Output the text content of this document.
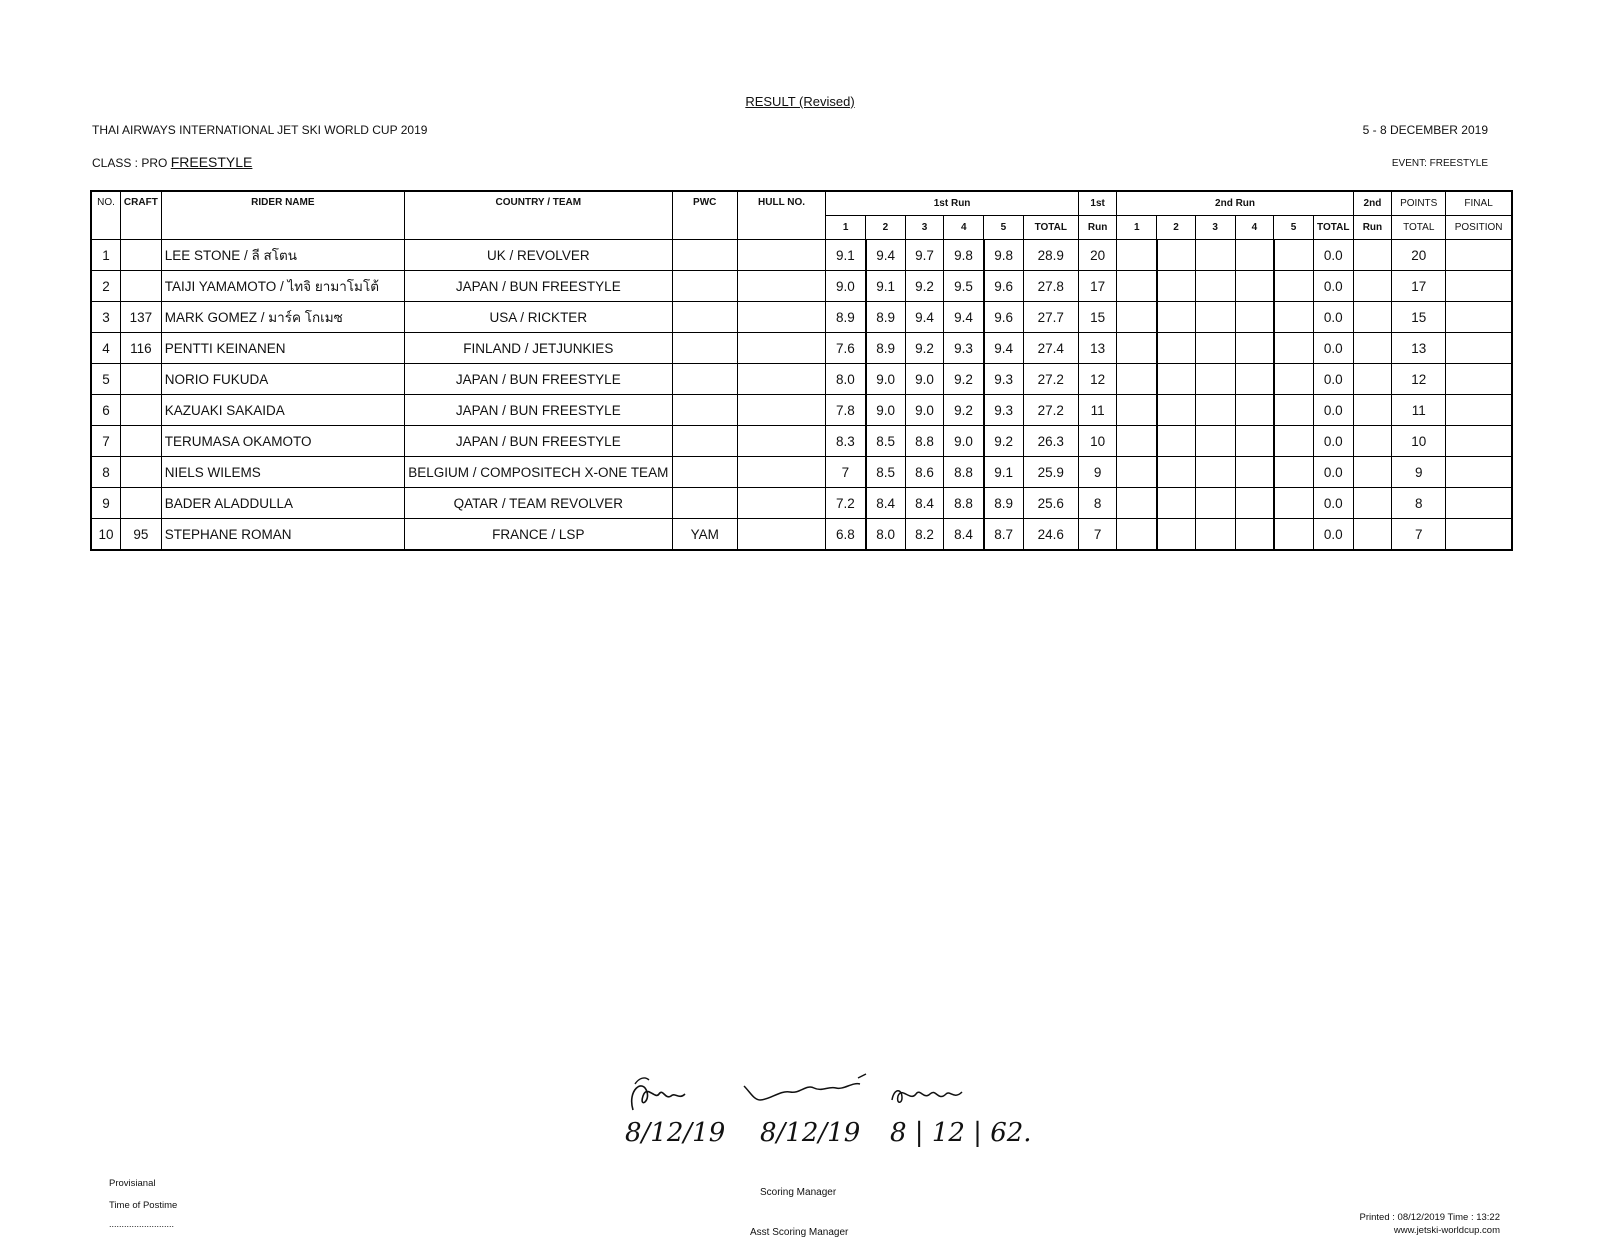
RESULT (Revised)
THAI AIRWAYS INTERNATIONAL JET SKI WORLD CUP 2019	5 - 8 DECEMBER 2019
CLASS : PRO FREESTYLE	EVENT: FREESTYLE
NO.	CRAFT	RIDER NAME	COUNTRY / TEAM	PWC	HULL NO.	1st Run						1st	2nd Run						2nd	POINTS	FINAL
						1	2	3	4	5	TOTAL	Run	1	2	3	4	5	TOTAL	Run	TOTAL	POSITION
1		LEE STONE / ลี สโตน	UK / REVOLVER			9.1	9.4	9.7	9.8	9.8	28.9	20						0.0		20	
2		TAIJI YAMAMOTO / ไทจิ ยามาโมโต้	JAPAN / BUN FREESTYLE			9.0	9.1	9.2	9.5	9.6	27.8	17						0.0		17	
3	137	MARK GOMEZ / มาร์ค โกเมซ	USA / RICKTER			8.9	8.9	9.4	9.4	9.6	27.7	15						0.0		15	
4	116	PENTTI KEINANEN	FINLAND / JETJUNKIES			7.6	8.9	9.2	9.3	9.4	27.4	13						0.0		13	
5		NORIO FUKUDA	JAPAN / BUN FREESTYLE			8.0	9.0	9.0	9.2	9.3	27.2	12						0.0		12	
6		KAZUAKI SAKAIDA	JAPAN / BUN FREESTYLE			7.8	9.0	9.0	9.2	9.3	27.2	11						0.0		11	
7		TERUMASA OKAMOTO	JAPAN / BUN FREESTYLE			8.3	8.5	8.8	9.0	9.2	26.3	10						0.0		10	
8		NIELS WILEMS	BELGIUM / COMPOSITECH X-ONE TEAM			7	8.5	8.6	8.8	9.1	25.9	9						0.0		9	
9		BADER ALADDULLA	QATAR / TEAM REVOLVER			7.2	8.4	8.4	8.8	8.9	25.6	8						0.0		8	
10	95	STEPHANE ROMAN	FRANCE / LSP	YAM		6.8	8.0	8.2	8.4	8.7	24.6	7						0.0		7	
8/12/19 8/12/19 8 | 12 | 62.
Provisianal
Time of Postime
..........................
Scoring Manager
Asst Scoring Manager
Printed : 08/12/2019 Time : 13:22
www.jetski-worldcup.com
